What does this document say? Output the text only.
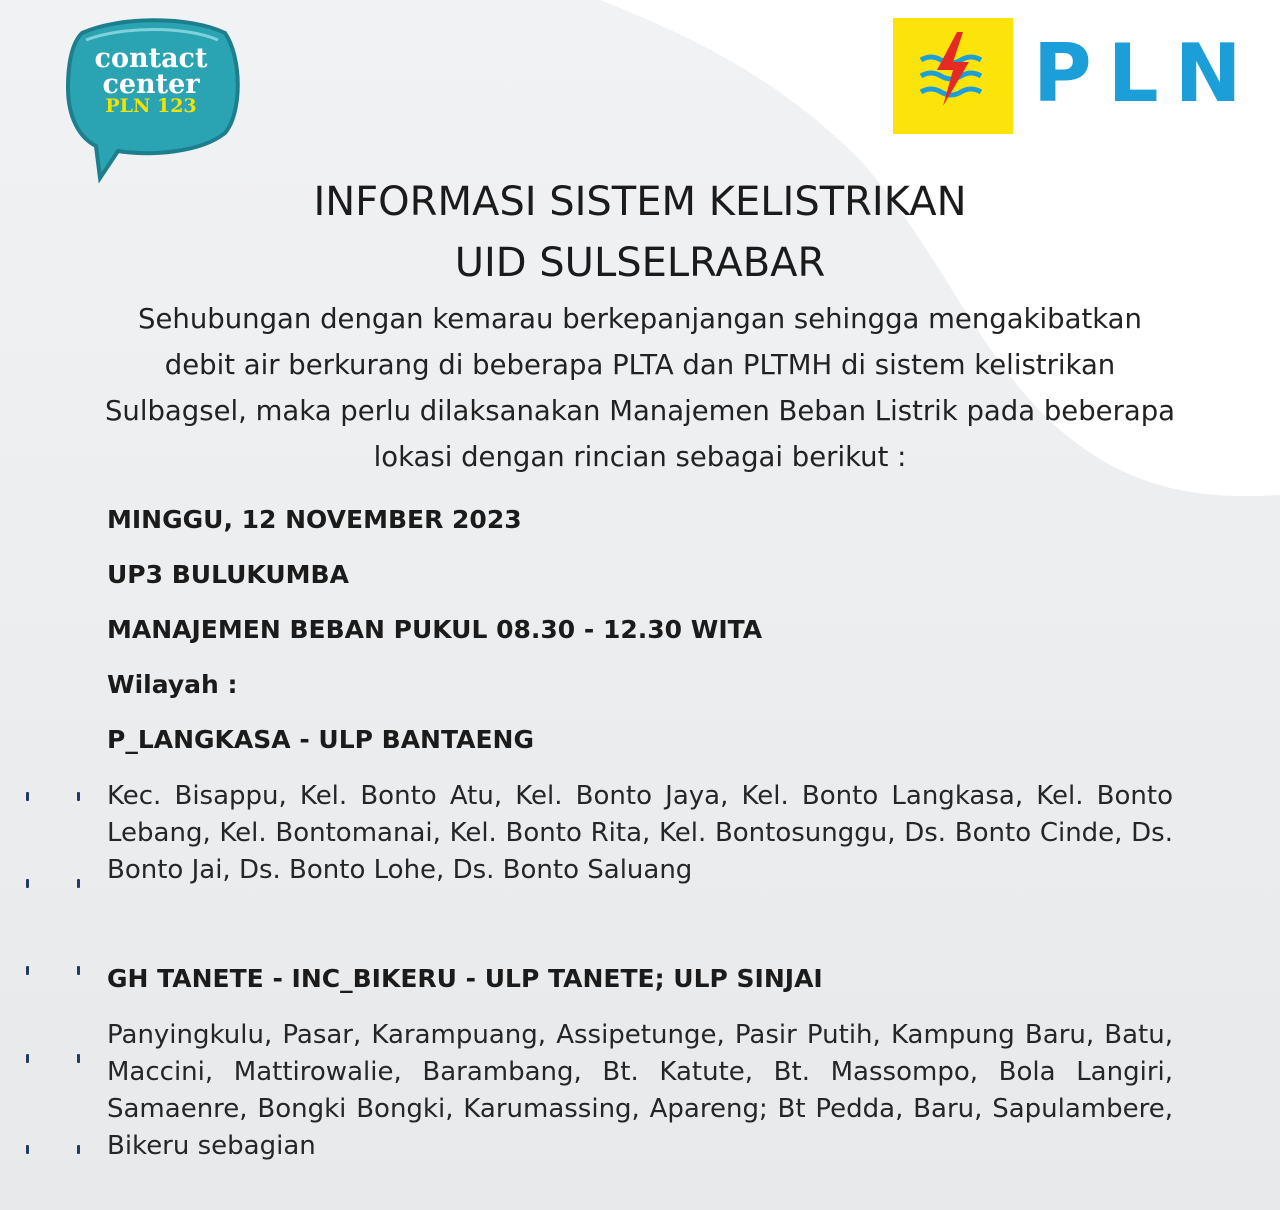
contact
center
PLN 123	PLN
INFORMASI SISTEM KELISTRIKAN
UID SULSELRABAR

Sehubungan dengan kemarau berkepanjangan sehingga mengakibatkan debit air berkurang di beberapa PLTA dan PLTMH di sistem kelistrikan Sulbagsel, maka perlu dilaksanakan Manajemen Beban Listrik pada beberapa lokasi dengan rincian sebagai berikut :

MINGGU, 12 NOVEMBER 2023
UP3 BULUKUMBA
MANAJEMEN BEBAN PUKUL 08.30 - 12.30 WITA
Wilayah :
P_LANGKASA - ULP BANTAENG

Kec. Bisappu, Kel. Bonto Atu, Kel. Bonto Jaya, Kel. Bonto Langkasa, Kel. Bonto Lebang, Kel. Bontomanai, Kel. Bonto Rita, Kel. Bontosunggu, Ds. Bonto Cinde, Ds. Bonto Jai, Ds. Bonto Lohe, Ds. Bonto Saluang

GH TANETE - INC_BIKERU - ULP TANETE; ULP SINJAI

Panyingkulu, Pasar, Karampuang, Assipetunge, Pasir Putih, Kampung Baru, Batu, Maccini, Mattirowalie, Barambang, Bt. Katute, Bt. Massompo, Bola Langiri, Samaenre, Bongki Bongki, Karumassing, Apareng; Bt Pedda, Baru, Sapulambere, Bikeru sebagian
